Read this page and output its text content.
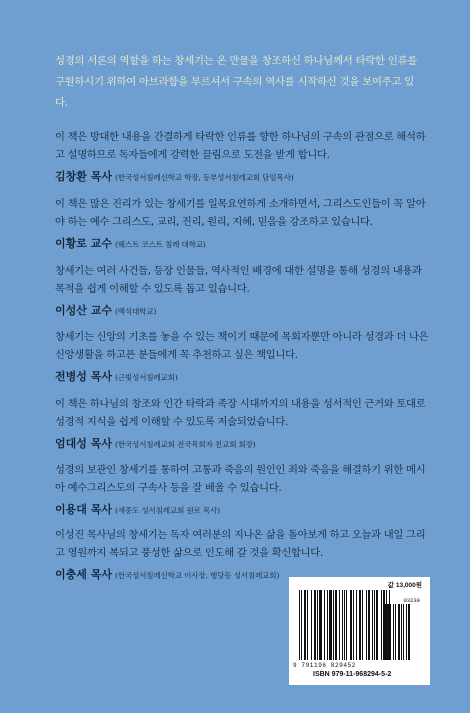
성경의 서론의 역할을 하는 창세기는 온 만물을 창조하신 하나님께서 타락한 인류를 구원하시기 위하여 아브라함을 부르셔서 구속의 역사를 시작하신 것을 보여주고 있다.

이 책은 방대한 내용을 간결하게 타락한 인류를 향한 하나님의 구속의 관점으로 해석하고 설명하므로 독자들에게 강력한 끌림으로 도전을 받게 합니다.

김창환 목사 (한국성서침례신학교 학장, 동부성서침례교회 담임목사)

이 책은 많은 진리가 있는 창세기를 일목요연하게 소개하면서, 그리스도인들이 꼭 알아야 하는 예수 그리스도, 교리, 진리, 원리, 지혜, 믿음을 강조하고 있습니다.

이황로 교수 (웨스트 코스트 침례 대학교)

창세기는 여러 사건들, 등장 인물들, 역사적인 배경에 대한 설명을 통해 성경의 내용과 목적을 쉽게 이해할 수 있도록 돕고 있습니다.

이성산 교수 (백석대학교)

창세기는 신앙의 기초를 놓을 수 있는 책이기 때문에 목회자뿐만 아니라 성경과 더 나은 신앙생활을 하고픈 분들에게 꼭 추천하고 싶은 책입니다.

전병성 목사 (근빛성서침례교회)

이 책은 하나님의 창조와 인간 타락과 족장 시대까지의 내용을 성서적인 근거와 토대로 성경적 지식을 쉽게 이해할 수 있도록 저술되었습니다.

엄대성 목사 (한국성서침례교회 전국목회자 친교회 회장)

성경의 보관인 창세기를 통하여 고통과 죽음의 원인인 죄와 죽음을 해결하기 위한 메시아 예수그리스도의 구속사 등을 잘 배울 수 있습니다.

이용대 목사 (새중도 성서침례교회 원로 목사)

이성진 목사님의 창세기는 독자 여러분의 지나온 삶을 돌아보게 하고 오늘과 내일 그리고 영원까지 복되고 풍성한 삶으로 인도해 갈 것을 확신합니다.

이충세 목사 (한국성서침례신학교 이사장, 행당동 성서침례교회)
값 13,000원
03230
9 791196 829452
ISBN 979-11-968294-5-2
